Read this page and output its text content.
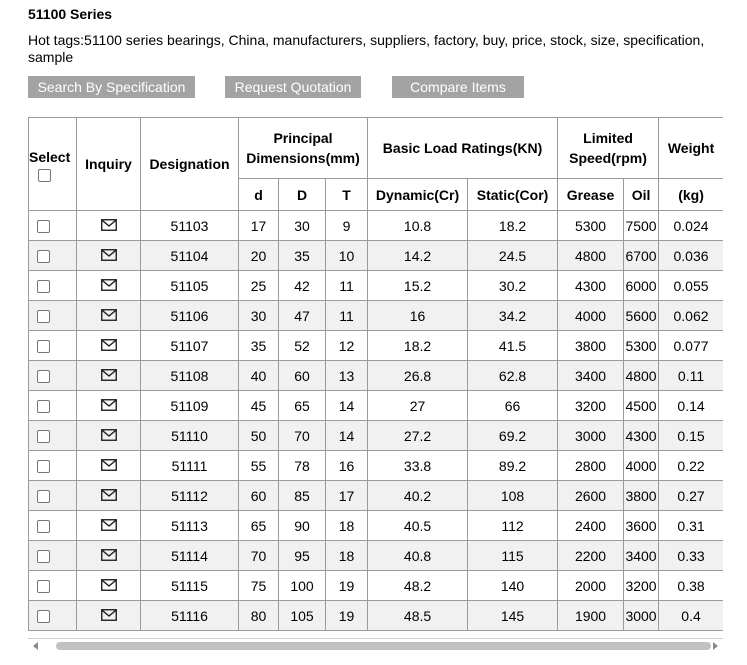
51100 Series
Hot tags:51100 series bearings, China, manufacturers, suppliers, factory, buy, price, stock, size, specification, sample
Search By Specification	Request Quotation	Compare Items
Select	Inquiry	Designation	Principal Dimensions(mm)			Basic Load Ratings(KN)		Limited Speed(rpm)		Weight
			d	D	T	Dynamic(Cr)	Static(Cor)	Grease	Oil	(kg)
		51103	17	30	9	10.8	18.2	5300	7500	0.024
		51104	20	35	10	14.2	24.5	4800	6700	0.036
		51105	25	42	11	15.2	30.2	4300	6000	0.055
		51106	30	47	11	16	34.2	4000	5600	0.062
		51107	35	52	12	18.2	41.5	3800	5300	0.077
		51108	40	60	13	26.8	62.8	3400	4800	0.11
		51109	45	65	14	27	66	3200	4500	0.14
		51110	50	70	14	27.2	69.2	3000	4300	0.15
		51111	55	78	16	33.8	89.2	2800	4000	0.22
		51112	60	85	17	40.2	108	2600	3800	0.27
		51113	65	90	18	40.5	112	2400	3600	0.31
		51114	70	95	18	40.8	115	2200	3400	0.33
		51115	75	100	19	48.2	140	2000	3200	0.38
		51116	80	105	19	48.5	145	1900	3000	0.4
